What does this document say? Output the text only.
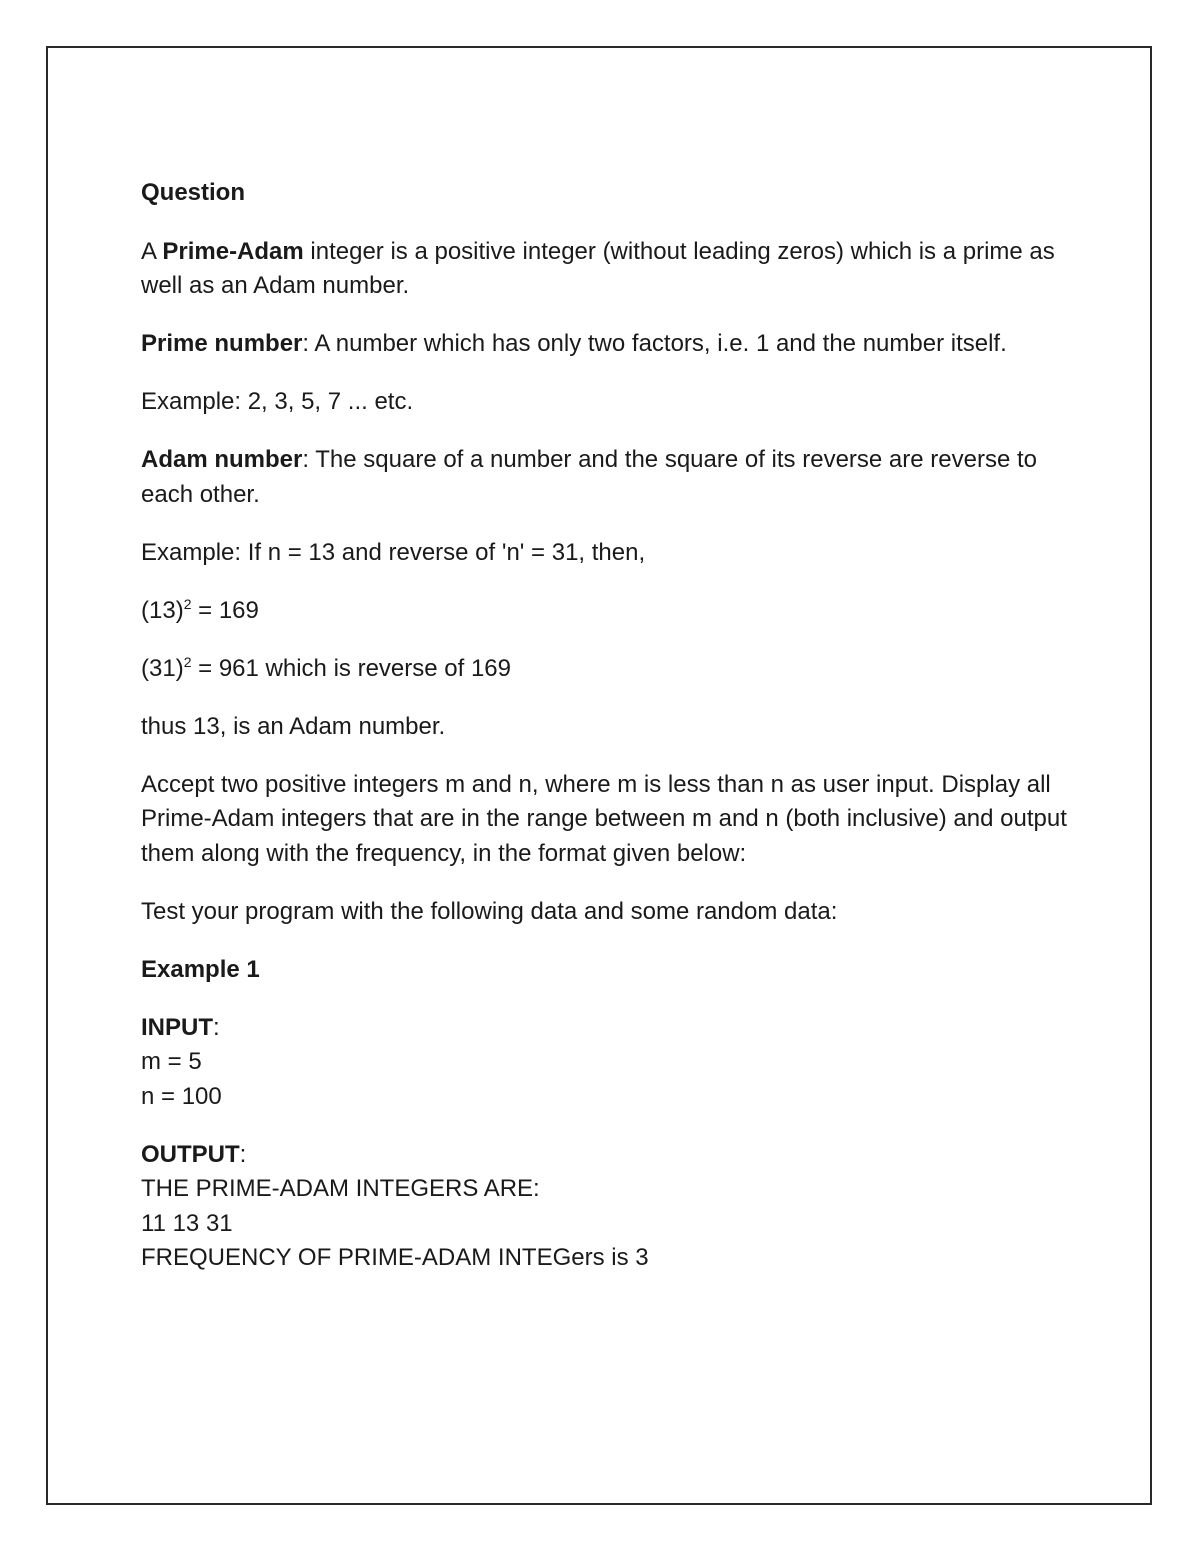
Question

A Prime-Adam integer is a positive integer (without leading zeros) which is a prime as well as an Adam number.

Prime number: A number which has only two factors, i.e. 1 and the number itself.

Example: 2, 3, 5, 7 ... etc.

Adam number: The square of a number and the square of its reverse are reverse to each other.

Example: If n = 13 and reverse of 'n' = 31, then,

$(13)^2 = 169$

$(31)^2 = 961$ which is reverse of 169

thus 13, is an Adam number.

Accept two positive integers m and n, where m is less than n as user input. Display all Prime-Adam integers that are in the range between m and n (both inclusive) and output them along with the frequency, in the format given below:

Test your program with the following data and some random data:

Example 1

INPUT:
m = 5
n = 100

OUTPUT:
THE PRIME-ADAM INTEGERS ARE:
11 13 31
FREQUENCY OF PRIME-ADAM INTEGers is 3
